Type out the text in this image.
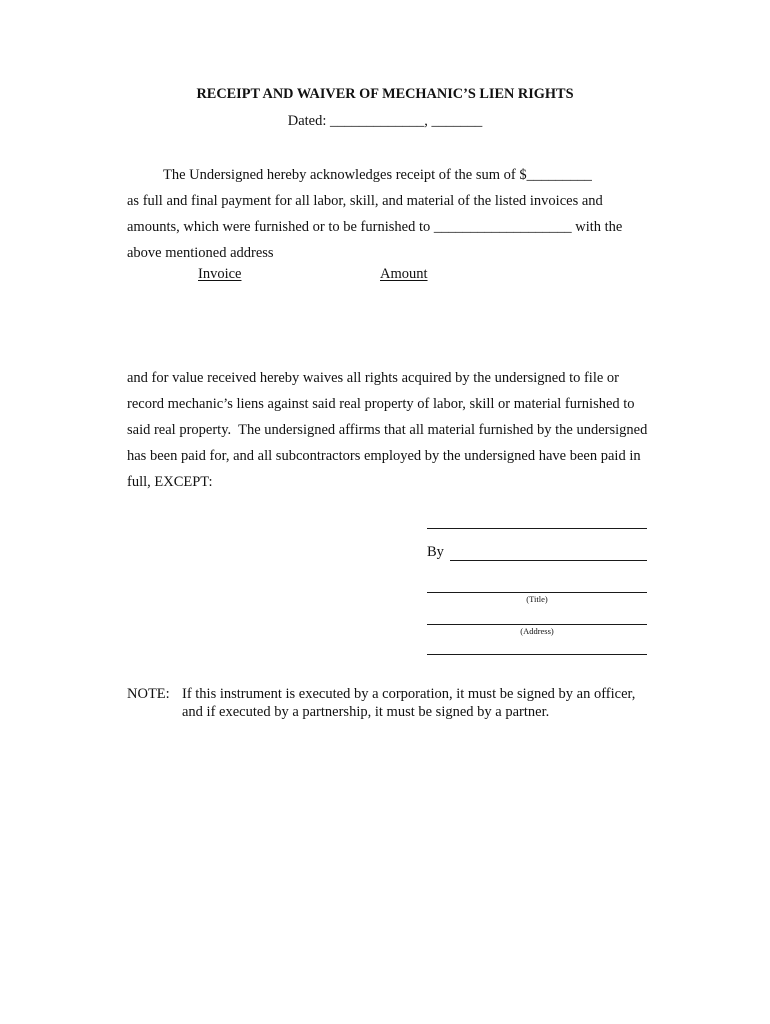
RECEIPT AND WAIVER OF MECHANIC’S LIEN RIGHTS
Dated: _____________, _______
The Undersigned hereby acknowledges receipt of the sum of $_________
as full and final payment for all labor, skill, and material of the listed invoices and
amounts, which were furnished or to be furnished to ___________________ with the
above mentioned address
Invoice	Amount
and for value received hereby waives all rights acquired by the undersigned to file or
record mechanic’s liens against said real property of labor, skill or material furnished to
said real property.  The undersigned affirms that all material furnished by the undersigned
has been paid for, and all subcontractors employed by the undersigned have been paid in
full, EXCEPT:
By
(Title)
(Address)
NOTE: If this instrument is executed by a corporation, it must be signed by an officer,
and if executed by a partnership, it must be signed by a partner.
